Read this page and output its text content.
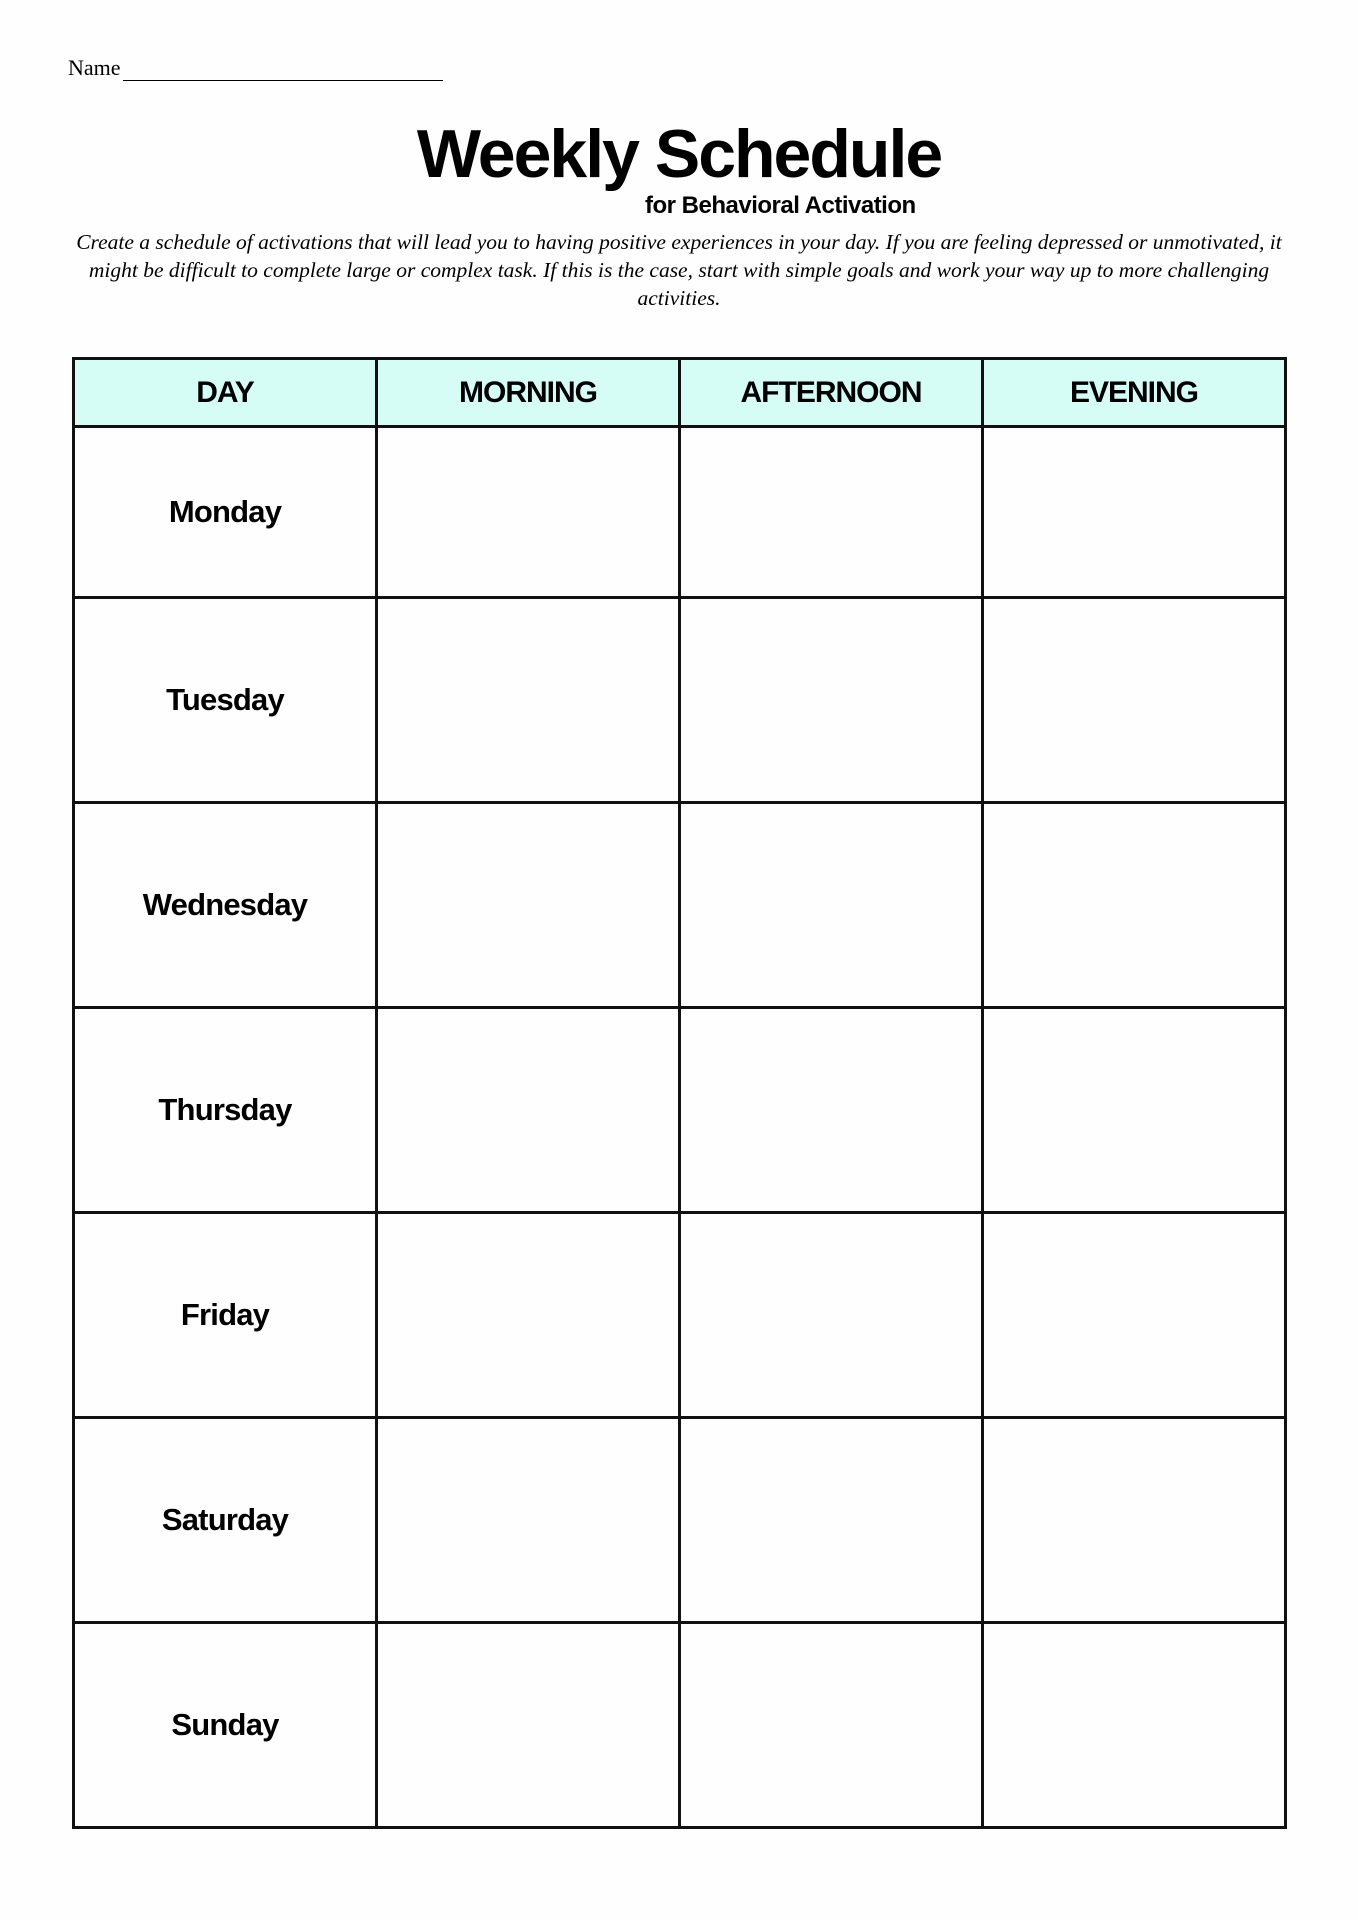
Name
Weekly Schedule
for Behavioral Activation
Create a schedule of activations that will lead you to having positive experiences in your day. If you are feeling depressed or unmotivated, it might be difficult to complete large or complex task. If this is the case, start with simple goals and work your way up to more challenging activities.
DAY	MORNING	AFTERNOON	EVENING
Monday			
Tuesday			
Wednesday			
Thursday			
Friday			
Saturday			
Sunday			
